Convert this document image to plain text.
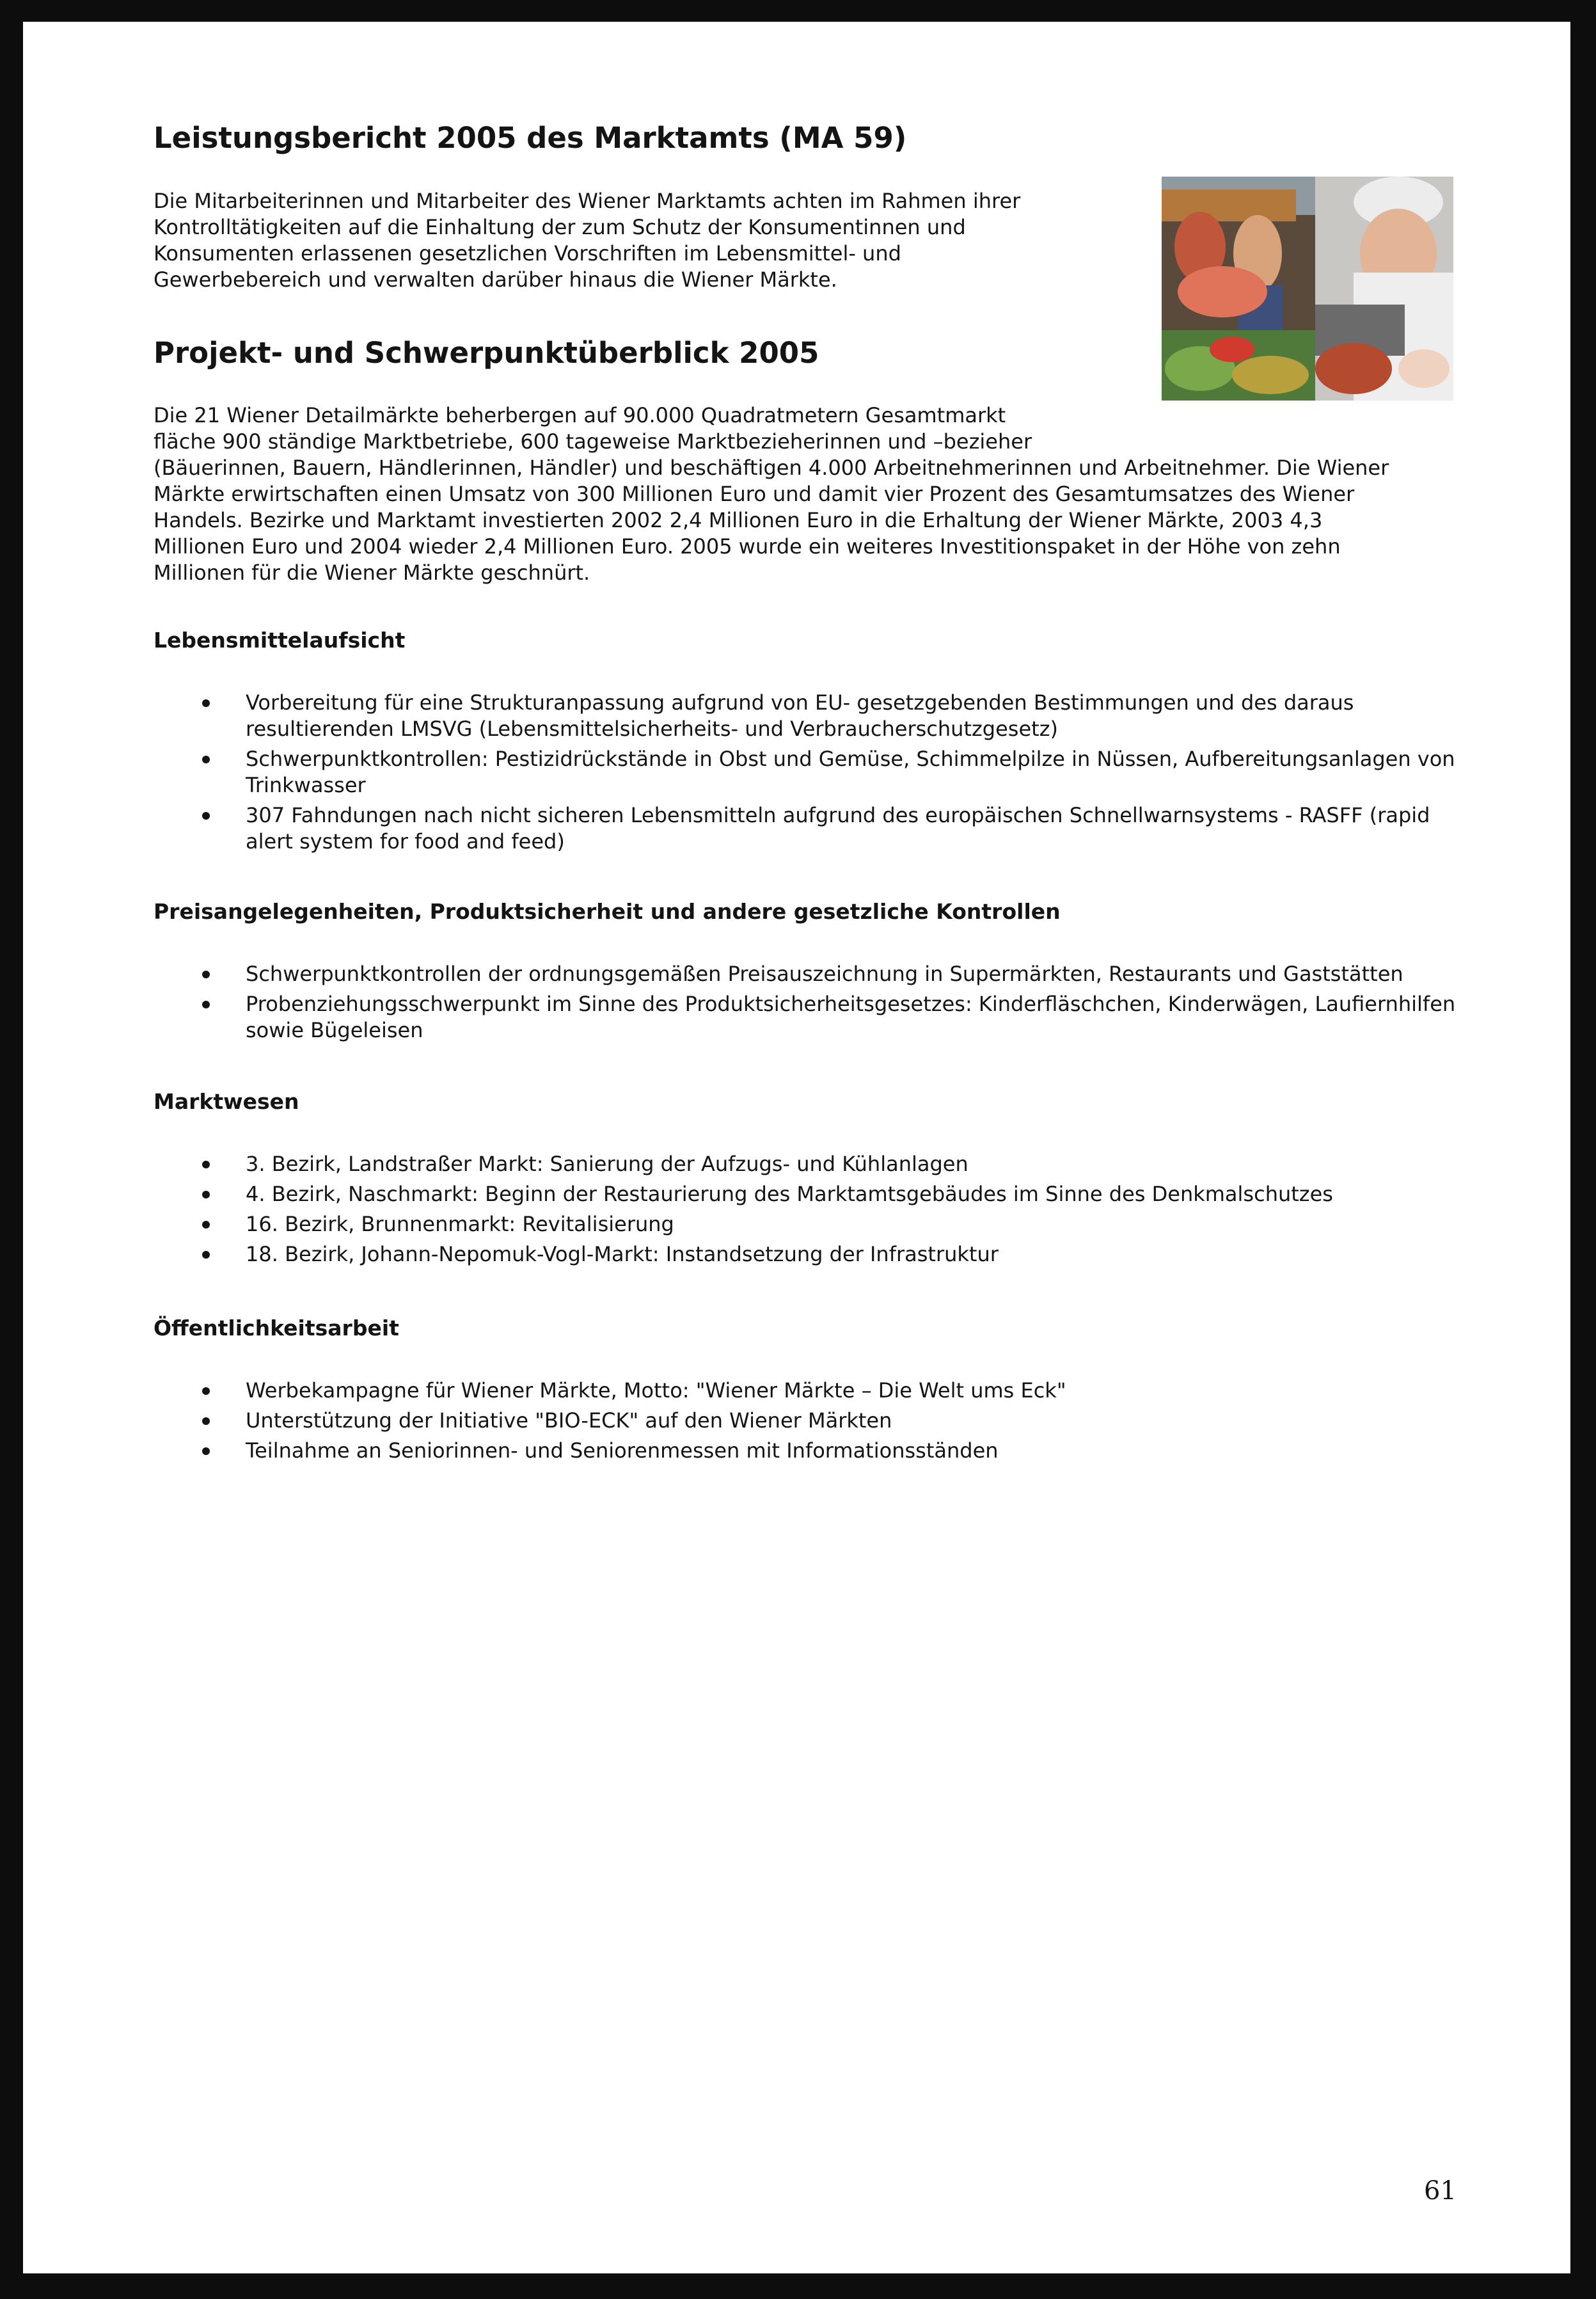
Leistungsbericht 2005 des Marktamts (MA 59)
Die Mitarbeiterinnen und Mitarbeiter des Wiener Marktamts achten im Rahmen ihrer
Kontrolltätigkeiten auf die Einhaltung der zum Schutz der Konsumentinnen und
Konsumenten erlassenen gesetzlichen Vorschriften im Lebensmittel- und
Gewerbebereich und verwalten darüber hinaus die Wiener Märkte.
Projekt- und Schwerpunktüberblick 2005
Die 21 Wiener Detailmärkte beherbergen auf 90.000 Quadratmetern Gesamtmarkt
fläche 900 ständige Marktbetriebe, 600 tageweise Marktbezieherinnen und –bezieher
(Bäuerinnen, Bauern, Händlerinnen, Händler) und beschäftigen 4.000 Arbeitnehmerinnen und Arbeitnehmer. Die Wiener
Märkte erwirtschaften einen Umsatz von 300 Millionen Euro und damit vier Prozent des Gesamtumsatzes des Wiener
Handels. Bezirke und Marktamt investierten 2002 2,4 Millionen Euro in die Erhaltung der Wiener Märkte, 2003 4,3
Millionen Euro und 2004 wieder 2,4 Millionen Euro. 2005 wurde ein weiteres Investitionspaket in der Höhe von zehn
Millionen für die Wiener Märkte geschnürt.
Lebensmittelaufsicht
Vorbereitung für eine Strukturanpassung aufgrund von EU- gesetzgebenden Bestimmungen und des daraus resultierenden LMSVG (Lebensmittelsicherheits- und Verbraucherschutzgesetz)
Schwerpunktkontrollen: Pestizidrückstände in Obst und Gemüse, Schimmelpilze in Nüssen, Aufbereitungsanlagen von Trinkwasser
307 Fahndungen nach nicht sicheren Lebensmitteln aufgrund des europäischen Schnellwarnsystems - RASFF (rapid alert system for food and feed)
Preisangelegenheiten, Produktsicherheit und andere gesetzliche Kontrollen
Schwerpunktkontrollen der ordnungsgemäßen Preisauszeichnung in Supermärkten, Restaurants und Gaststätten
Probenziehungsschwerpunkt im Sinne des Produktsicherheitsgesetzes: Kinderfläschchen, Kinderwägen, Laufiernhilfen sowie Bügeleisen
Marktwesen
3. Bezirk, Landstraßer Markt: Sanierung der Aufzugs- und Kühlanlagen
4. Bezirk, Naschmarkt: Beginn der Restaurierung des Marktamtsgebäudes im Sinne des Denkmalschutzes
16. Bezirk, Brunnenmarkt: Revitalisierung
18. Bezirk, Johann-Nepomuk-Vogl-Markt: Instandsetzung der Infrastruktur
Öffentlichkeitsarbeit
Werbekampagne für Wiener Märkte, Motto: "Wiener Märkte – Die Welt ums Eck"
Unterstützung der Initiative "BIO-ECK" auf den Wiener Märkten
Teilnahme an Seniorinnen- und Seniorenmessen mit Informationsständen
61
